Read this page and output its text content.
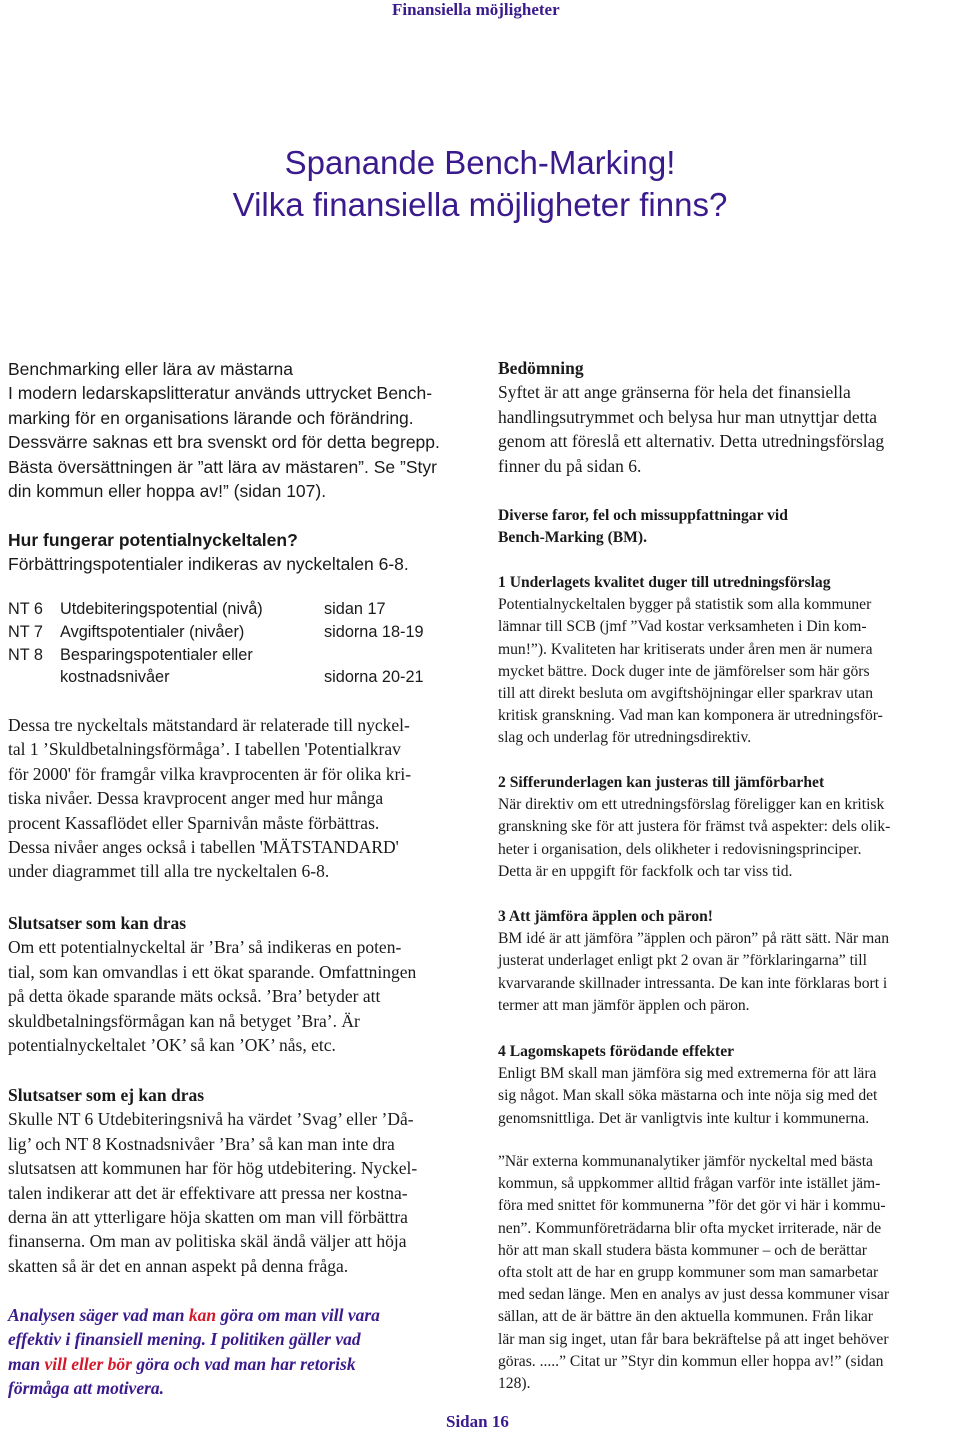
Finansiella möjligheter
Spanande Bench-Marking!
Vilka finansiella möjligheter finns?
Benchmarking eller lära av mästarna
I modern ledarskapslitteratur används uttrycket Bench-
marking för en organisations lärande och förändring.
Dessvärre saknas ett bra svenskt ord för detta begrepp.
Bästa översättningen är ”att lära av mästaren”. Se ”Styr
din kommun eller hoppa av!” (sidan 107).
Hur fungerar potentialnyckeltalen?
Förbättringspotentialer indikeras av nyckeltalen 6-8.
NT 6 Utdebiteringspotential (nivå)	sidan 17
NT 7 Avgiftspotentialer (nivåer)	sidorna 18-19
NT 8 Besparingspotentialer eller
kostnadsnivåer	sidorna 20-21
Dessa tre nyckeltals mätstandard är relaterade till nyckel-
tal 1 ’Skuldbetalningsförmåga’. I tabellen 'Potentialkrav
för 2000' för framgår vilka kravprocenten är för olika kri-
tiska nivåer. Dessa kravprocent anger med hur många
procent Kassaflödet eller Sparnivån måste förbättras.
Dessa nivåer anges också i tabellen 'MÄTSTANDARD'
under diagrammet till alla tre nyckeltalen 6-8.
Slutsatser som kan dras
Om ett potentialnyckeltal är ’Bra’ så indikeras en poten-
tial, som kan omvandlas i ett ökat sparande. Omfattningen
på detta ökade sparande mäts också. ’Bra’ betyder att
skuldbetalningsförmågan kan nå betyget ’Bra’. Är
potentialnyckeltalet ’OK’ så kan ’OK’ nås, etc.
Slutsatser som ej kan dras
Skulle NT 6 Utdebiteringsnivå ha värdet ’Svag’ eller ’Då-
lig’ och NT 8 Kostnadsnivåer ’Bra’ så kan man inte dra
slutsatsen att kommunen har för hög utdebitering. Nyckel-
talen indikerar att det är effektivare att pressa ner kostna-
derna än att ytterligare höja skatten om man vill förbättra
finanserna. Om man av politiska skäl ändå väljer att höja
skatten så är det en annan aspekt på denna fråga.
Analysen säger vad man kan göra om man vill vara
effektiv i finansiell mening. I politiken gäller vad
man vill eller bör göra och vad man har retorisk
förmåga att motivera.
Bedömning
Syftet är att ange gränserna för hela det finansiella
handlingsutrymmet och belysa hur man utnyttjar detta
genom att föreslå ett alternativ. Detta utredningsförslag
finner du på sidan 6.
Diverse faror, fel och missuppfattningar vid
Bench-Marking (BM).
1 Underlagets kvalitet duger till utredningsförslag
Potentialnyckeltalen bygger på statistik som alla kommuner
lämnar till SCB (jmf ”Vad kostar verksamheten i Din kom-
mun!”). Kvaliteten har kritiserats under åren men är numera
mycket bättre. Dock duger inte de jämförelser som här görs
till att direkt besluta om avgiftshöjningar eller sparkrav utan
kritisk granskning. Vad man kan komponera är utredningsför-
slag och underlag för utredningsdirektiv.
2 Sifferunderlagen kan justeras till jämförbarhet
När direktiv om ett utredningsförslag föreligger kan en kritisk
granskning ske för att justera för främst två aspekter: dels olik-
heter i organisation, dels olikheter i redovisningsprinciper.
Detta är en uppgift för fackfolk och tar viss tid.
3 Att jämföra äpplen och päron!
BM idé är att jämföra ”äpplen och päron” på rätt sätt. När man
justerat underlaget enligt pkt 2 ovan är ”förklaringarna” till
kvarvarande skillnader intressanta. De kan inte förklaras bort i
termer att man jämför äpplen och päron.
4 Lagomskapets förödande effekter
Enligt BM skall man jämföra sig med extremerna för att lära
sig något. Man skall söka mästarna och inte nöja sig med det
genomsnittliga. Det är vanligtvis inte kultur i kommunerna.
”När externa kommunanalytiker jämför nyckeltal med bästa
kommun, så uppkommer alltid frågan varför inte istället jäm-
föra med snittet för kommunerna ”för det gör vi här i kommu-
nen”. Kommunföreträdarna blir ofta mycket irriterade, när de
hör att man skall studera bästa kommuner – och de berättar
ofta stolt att de har en grupp kommuner som man samarbetar
med sedan länge. Men en analys av just dessa kommuner visar
sällan, att de är bättre än den aktuella kommunen. Från likar
lär man sig inget, utan får bara bekräftelse på att inget behöver
göras. .....” Citat ur ”Styr din kommun eller hoppa av!” (sidan
128).
Sidan 16
